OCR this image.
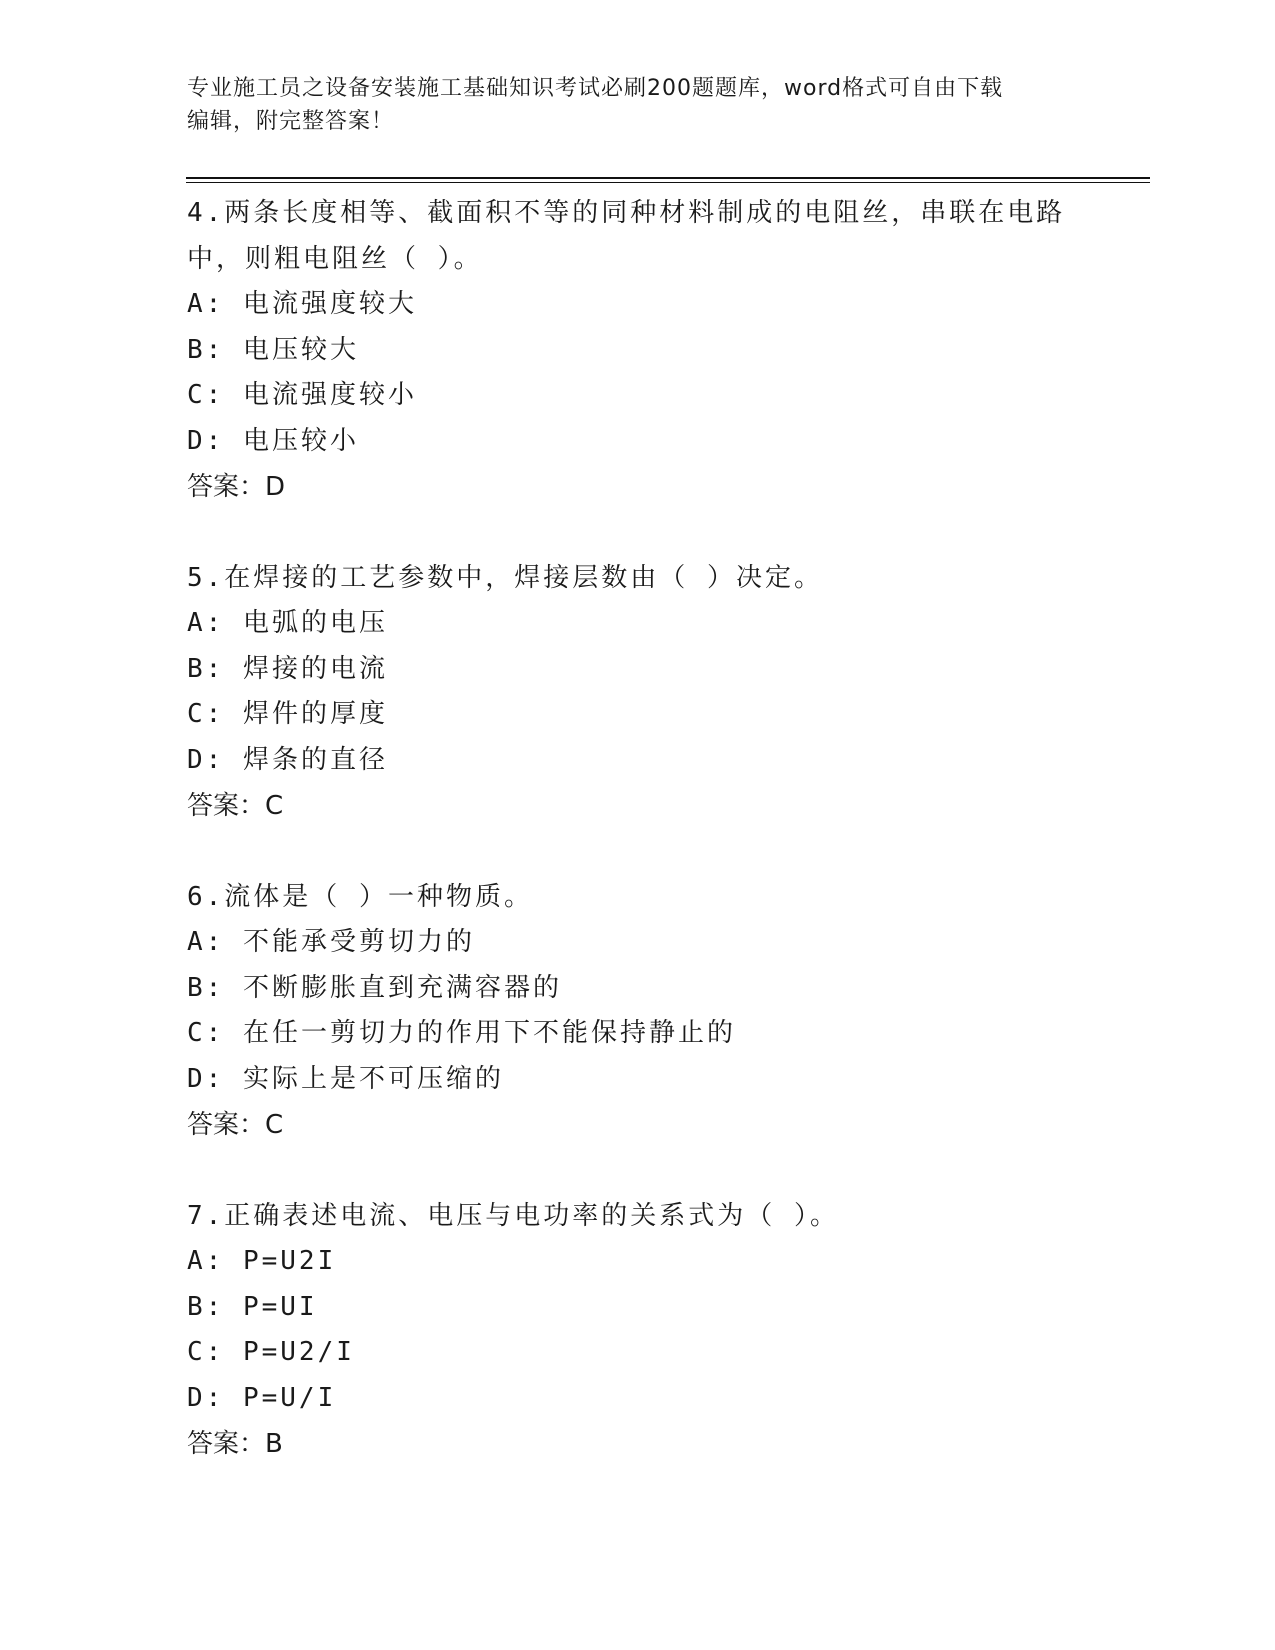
专业施工员之设备安装施工基础知识考试必刷200题题库，word格式可自由下载
编辑，附完整答案！

4.两条长度相等、截面积不等的同种材料制成的电阻丝，串联在电路

中，则粗电阻丝（ ）。

A: 电流强度较大

B: 电压较大

C: 电流强度较小

D: 电压较小

答案：D

5.在焊接的工艺参数中，焊接层数由（ ）决定。

A: 电弧的电压

B: 焊接的电流

C: 焊件的厚度

D: 焊条的直径

答案：C

6.流体是（ ）一种物质。

A: 不能承受剪切力的

B: 不断膨胀直到充满容器的

C: 在任一剪切力的作用下不能保持静止的

D: 实际上是不可压缩的

答案：C

7.正确表述电流、电压与电功率的关系式为（ ）。

A: P=U2I

B: P=UI

C: P=U2/I

D: P=U/I

答案：B
